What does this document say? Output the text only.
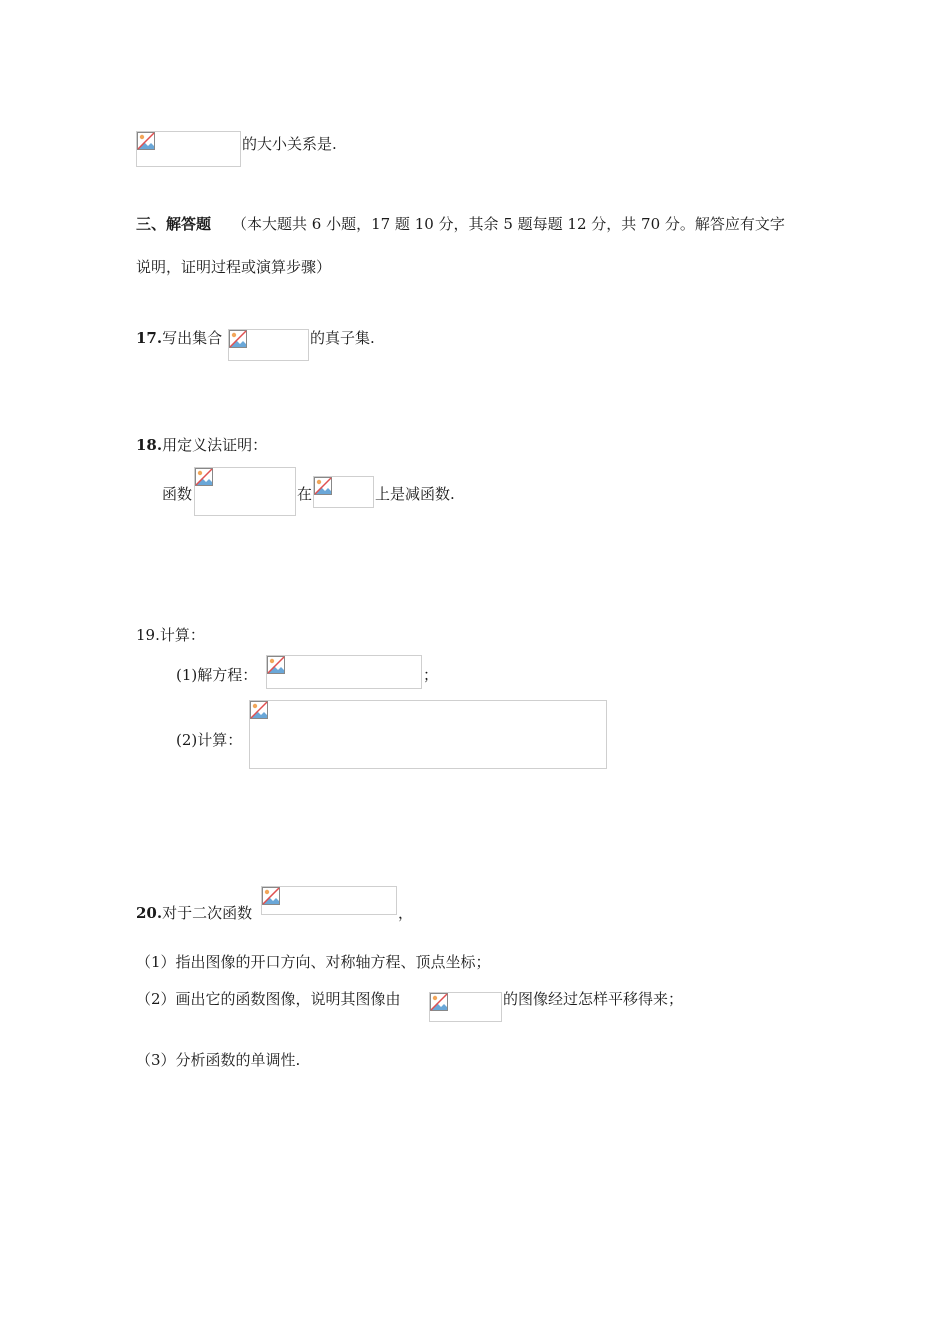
的大小关系是.
三、解答题 （本大题共 6 小题，17 题 10 分，其余 5 题每题 12 分，共 70 分。解答应有文字
说明，证明过程或演算步骤）
17.写出集合	的真子集.
18.用定义法证明：
函数	在	上是减函数.
19.计算：
(1)解方程：	；
(2)计算：
20.对于二次函数	，
（1）指出图像的开口方向、对称轴方程、顶点坐标；
（2）画出它的函数图像，说明其图像由	的图像经过怎样平移得来；
（3）分析函数的单调性.
